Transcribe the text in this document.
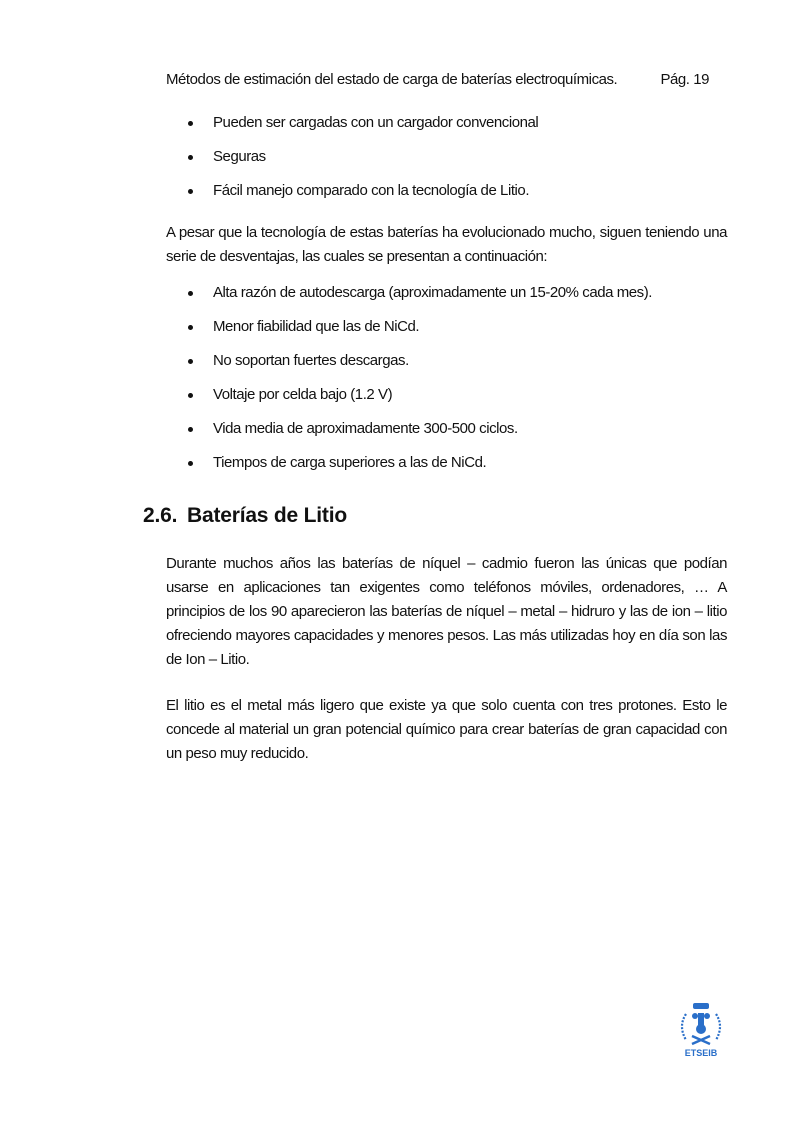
Métodos de estimación del estado de carga de baterías electroquímicas.	Pág. 19
Pueden ser cargadas con un cargador convencional
Seguras
Fácil manejo comparado con la tecnología de Litio.
A pesar que la tecnología de estas baterías ha evolucionado mucho, siguen teniendo una serie de desventajas, las cuales se presentan a continuación:
Alta razón de autodescarga (aproximadamente un 15-20% cada mes).
Menor fiabilidad que las de NiCd.
No soportan fuertes descargas.
Voltaje por celda bajo (1.2 V)
Vida media de aproximadamente 300-500 ciclos.
Tiempos de carga superiores a las de NiCd.
2.6. Baterías de Litio
Durante muchos años las baterías de níquel – cadmio fueron las únicas que podían usarse en aplicaciones tan exigentes como teléfonos móviles, ordenadores, … A principios de los 90 aparecieron las baterías de níquel – metal – hidruro y las de ion – litio ofreciendo mayores capacidades y menores pesos. Las más utilizadas hoy en día son las de Ion – Litio.
El litio es el metal más ligero que existe ya que solo cuenta con tres protones. Esto le concede al material un gran potencial químico para crear baterías de gran capacidad con un peso muy reducido.
ETSEIB
